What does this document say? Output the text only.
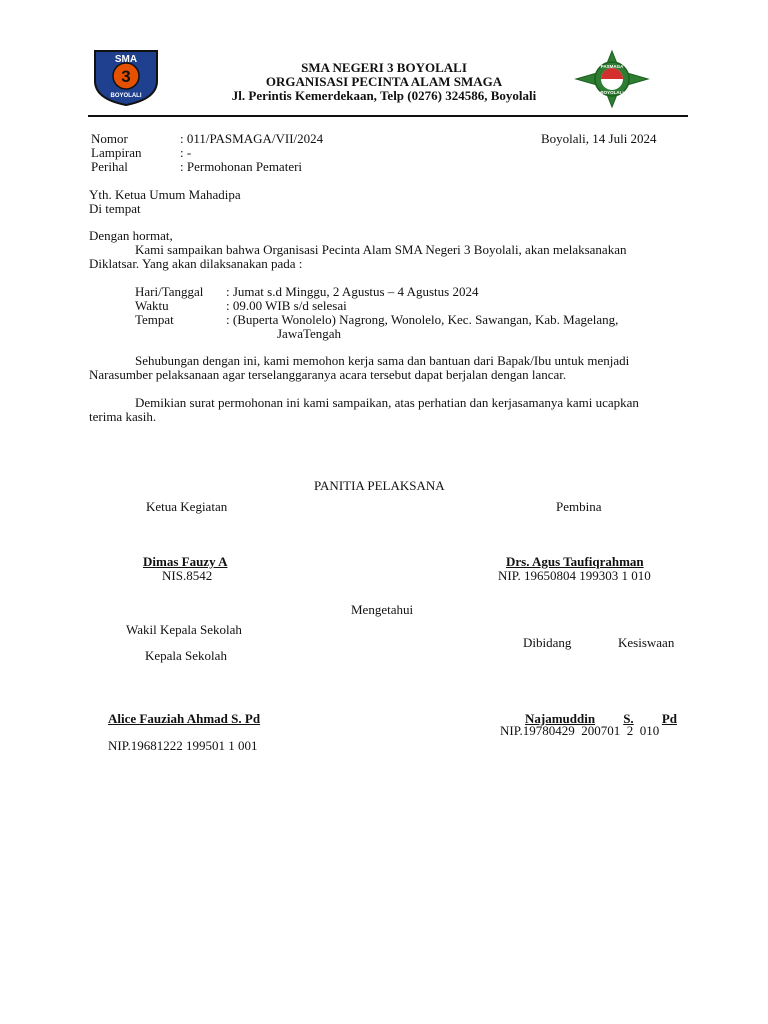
3
SMA
BOYOLALI
PASMAGA
BOYOLALI
SMA NEGERI 3 BOYOLALI
ORGANISASI PECINTA ALAM SMAGA
Jl. Perintis Kemerdekaan, Telp (0276) 324586, Boyolali
Nomor	: 011/PASMAGA/VII/2024
Lampiran	: -
Perihal	: Permohonan Pemateri
Boyolali, 14 Juli 2024
Yth. Ketua Umum Mahadipa
Di tempat
Dengan hormat,
Kami sampaikan bahwa Organisasi Pecinta Alam SMA Negeri 3 Boyolali, akan melaksanakan
Diklatsar. Yang akan dilaksanakan pada :
Hari/Tanggal : Jumat s.d Minggu, 2 Agustus – 4 Agustus 2024
Waktu	: 09.00 WIB s/d selesai
Tempat	: (Buperta Wonolelo) Nagrong, Wonolelo, Kec. Sawangan, Kab. Magelang,
JawaTengah
Sehubungan dengan ini, kami memohon kerja sama dan bantuan dari Bapak/Ibu untuk menjadi
Narasumber pelaksanaan agar terselanggaranya acara tersebut dapat berjalan dengan lancar.
Demikian surat permohonan ini kami sampaikan, atas perhatian dan kerjasamanya kami ucapkan
terima kasih.
PANITIA PELAKSANA
Ketua Kegiatan	Pembina
Dimas Fauzy A
NIS.8542
Drs. Agus Taufiqrahman
NIP. 19650804 199303 1 010
Mengetahui
Wakil Kepala Sekolah
Kepala Sekolah
Dibidang	Kesiswaan
Alice Fauziah Ahmad S. Pd
NIP.19681222 199501 1 001
Najamuddin S. Pd
NIP.19780429  200701  2  010
